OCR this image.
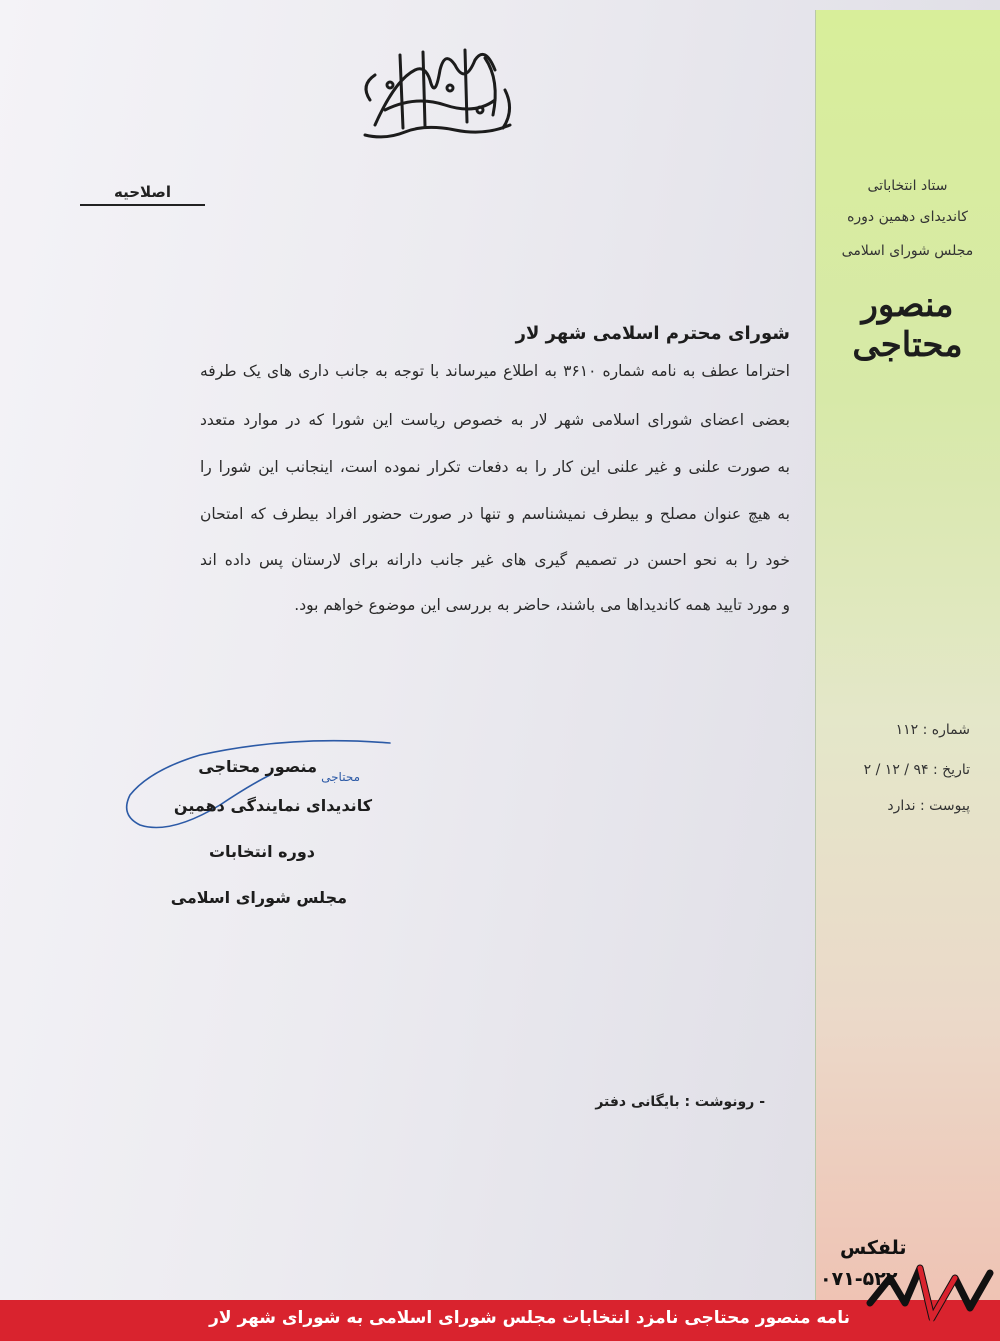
اصلاحیه	ستاد انتخاباتی
کاندیدای دهمین دوره
مجلس شورای اسلامی
منصور محتاجی
شورای محترم اسلامی شهر لار
احتراما عطف به نامه شماره ۳۶۱۰ به اطلاع میرساند با توجه به جانب داری های یک طرفه
بعضی اعضای شورای اسلامی شهر لار به خصوص ریاست این شورا که در موارد متعدد
به صورت علنی و غیر علنی این کار را به دفعات تکرار نموده است، اینجانب این شورا را
به هیچ عنوان مصلح و بیطرف نمیشناسم و تنها در صورت حضور افراد بیطرف که امتحان
خود را به نحو احسن در تصمیم گیری های غیر جانب دارانه برای لارستان پس داده اند
و مورد تایید همه کاندیداها می باشند، حاضر به بررسی این موضوع خواهم بود.
شماره : ۱۱۲
تاریخ : ۹۴ / ۱۲ / ۲
پیوست : ندارد
منصور محتاجی
محتاجی
کاندیدای نمایندگی دهمین
دوره انتخابات
مجلس شورای اسلامی
- رونوشت : بایگانی دفتر
تلفکس
۰۷۱-۵۲۲
نامه منصور محتاجی نامزد انتخابات مجلس شورای اسلامی به شورای شهر لار
